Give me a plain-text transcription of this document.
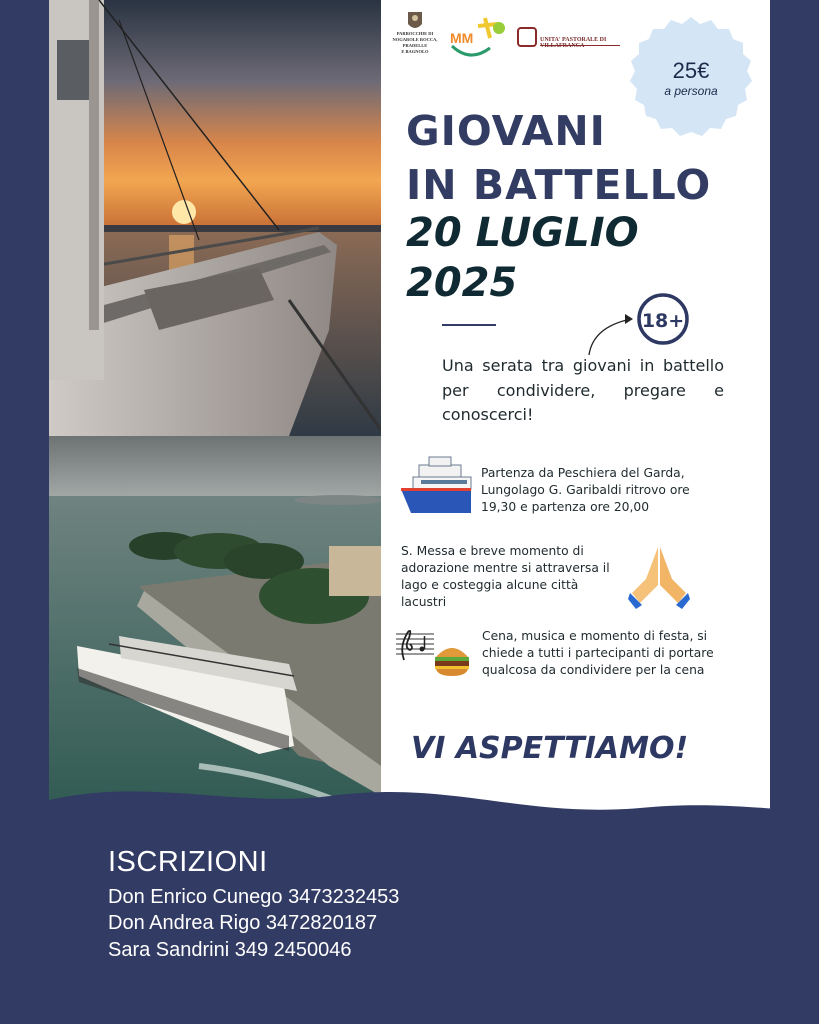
MM
PARROCCHIE DI
NOGAROLE ROCCA,
PRADELLE
E BAGNOLO
UNITA' PASTORALE DI VILLAFRANCA
25€
a persona
GIOVANI
IN BATTELLO
20 LUGLIO
2025
18+
Una serata tra giovani in battello per condividere, pregare e conoscerci!
Partenza da Peschiera del Garda, Lungolago G. Garibaldi ritrovo ore 19,30 e partenza ore 20,00
S. Messa e breve momento di adorazione mentre si attraversa il lago e costeggia alcune città lacustri
Cena, musica e momento di festa, si chiede a tutti i partecipanti di portare qualcosa da condividere per la cena
VI ASPETTIAMO!
ISCRIZIONI
Don Enrico Cunego 3473232453
Don Andrea Rigo 3472820187
Sara Sandrini 349 2450046
